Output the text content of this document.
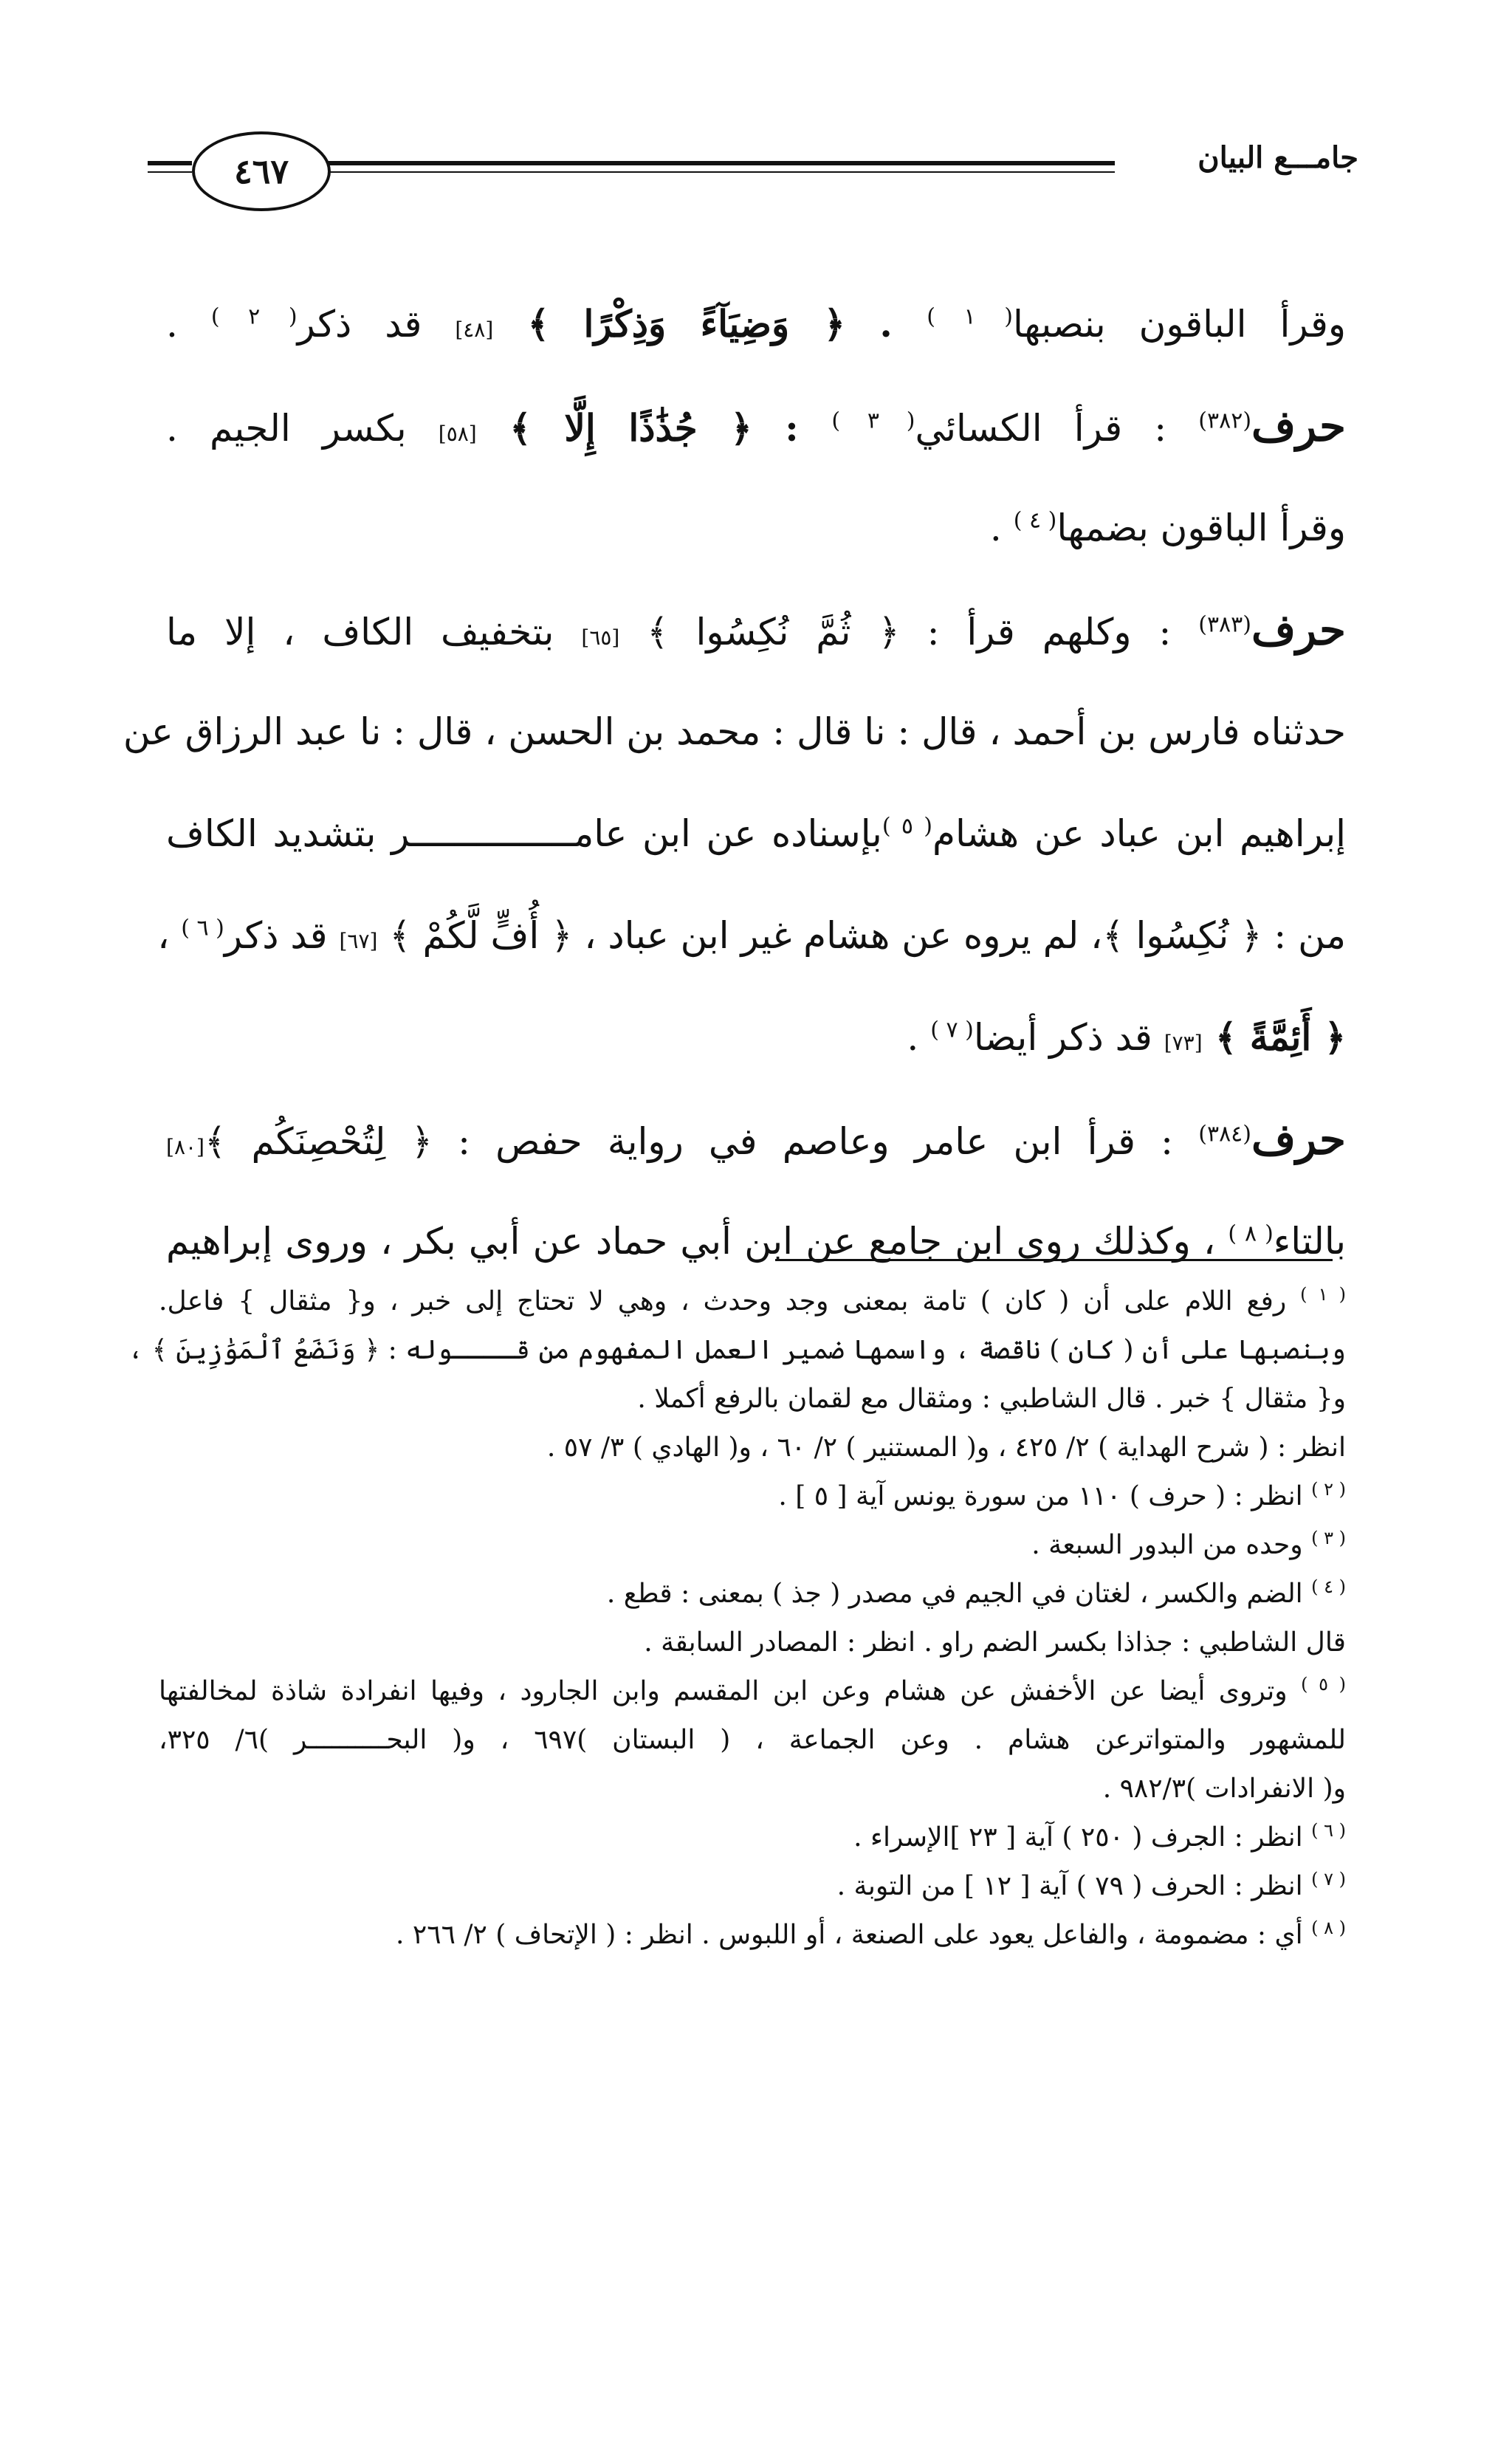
٤٦٧	جامـــع البيان
وقرأ الباقون بنصبها$^{( ١ )}$ . ﴿ وَضِيَآءً وَذِكْرًا ﴾ [٤٨] قد ذكر$^{( ٢ )}$ .
حرف$^{(٣٨٢)}$ : قرأ الكسائي$^{( ٣ )}$ : ﴿ جُذَٰذًا إِلَّا ﴾ [٥٨] بكسر الجيم .
وقرأ الباقون بضمها$^{( ٤ )}$ .
حرف$^{(٣٨٣)}$ : وكلهم قرأ : ﴿ ثُمَّ نُكِسُوا ﴾ [٦٥] بتخفيف الكاف ، إلا ما
حدثناه فارس بن أحمد ، قال : نا قال : محمد بن الحسن ، قال : نا عبد الرزاق عن
إبراهيم ابن عباد عن هشام$^{( ٥ )}$بإسناده عن ابن عامـــــــــــــــر بتشديد الكاف
من : ﴿ نُكِسُوا ﴾، لم يروه عن هشام غير ابن عباد ، ﴿ أُفٍّ لَّكُمْ ﴾ [٦٧] قد ذكر$^{( ٦ )}$ ،
﴿ أَئِمَّةً ﴾ [٧٣] قد ذكر أيضا$^{( ٧ )}$ .
حرف$^{(٣٨٤)}$ : قرأ ابن عامر وعاصم في رواية حفص : ﴿ لِتُحْصِنَكُم ﴾[٨٠]
بالتاء$^{( ٨ )}$ ، وكذلك روى ابن جامع عن ابن أبي حماد عن أبي بكر ، وروى إبراهيم
$^{( ١ )}$ رفع اللام على أن ( كان ) تامة بمعنى وجد وحدث ، وهي لا تحتاج إلى خبر ، و{ مثقال } فاعل.
وبنصبها على أن ( كان ) ناقصة ، واسمها ضمير العمل المفهوم من قــــوله : ﴿ وَنَضَعُ ٱلْمَوَٰزِينَ ﴾ ،
و{ مثقال } خبر . قال الشاطبي : ومثقال مع لقمان بالرفع أكملا .
انظر : ( شرح الهداية ) ٢/ ٤٢٥ ، و( المستنير ) ٢/ ٦٠ ، و( الهادي ) ٣/ ٥٧ .
$^{( ٢ )}$ انظر : ( حرف ) ١١٠ من سورة يونس آية [ ٥ ] .
$^{( ٣ )}$ وحده من البدور السبعة .
$^{( ٤ )}$ الضم والكسر ، لغتان في الجيم في مصدر ( جذ ) بمعنى : قطع .
قال الشاطبي : جذاذا بكسر الضم راو . انظر : المصادر السابقة .
$^{( ٥ )}$ وتروى أيضا عن الأخفش عن هشام وعن ابن المقسم وابن الجارود ، وفيها انفرادة شاذة لمخالفتها
للمشهور والمتواترعن هشام . وعن الجماعة ، ( البستان )٦٩٧ ، و( البحــــــــــر )٦/ ٣٢٥،
و( الانفرادات )٩٨٢/٣ .
$^{( ٦ )}$ انظر : الجرف ( ٢٥٠ ) آية [ ٢٣ ]الإسراء .
$^{( ٧ )}$ انظر : الحرف ( ٧٩ ) آية [ ١٢ ] من التوبة .
$^{( ٨ )}$ أي : مضمومة ، والفاعل يعود على الصنعة ، أو اللبوس . انظر : ( الإتحاف ) ٢/ ٢٦٦ .
